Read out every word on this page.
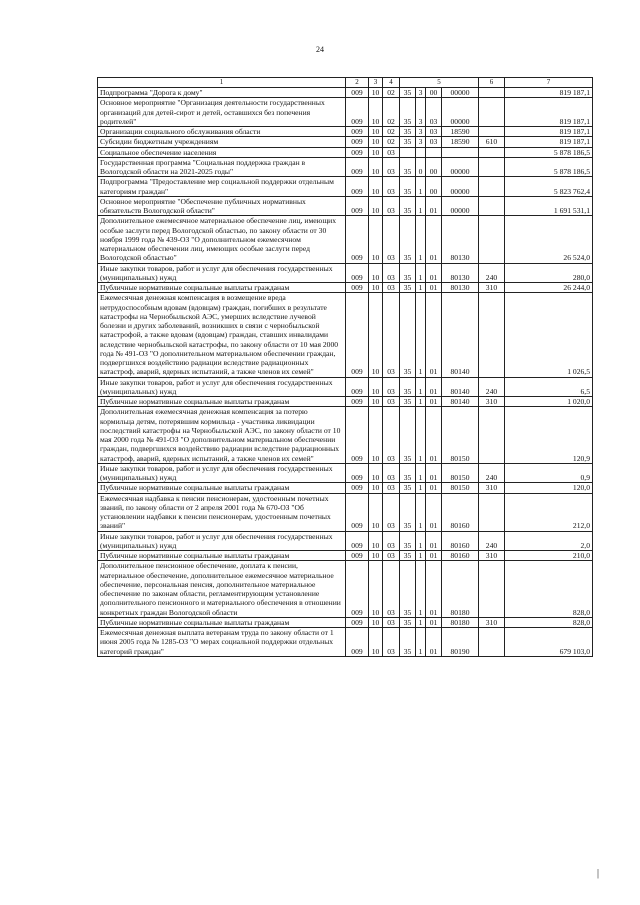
24
1	2	3	4	5				6	7
Подпрограмма "Дорога к дому"	009	10	02	35	3	00	00000		819 187,1
Основное мероприятие "Организация деятельности государственных организаций для детей-сирот и детей, оставшихся без попечения родителей"	009	10	02	35	3	03	00000		819 187,1
Организации социального обслуживания области	009	10	02	35	3	03	18590		819 187,1
Субсидии бюджетным учреждениям	009	10	02	35	3	03	18590	610	819 187,1
Социальное обеспечение населения	009	10	03						5 878 186,5
Государственная программа "Социальная поддержка граждан в Вологодской области на 2021-2025 годы"	009	10	03	35	0	00	00000		5 878 186,5
Подпрограмма "Предоставление мер социальной поддержки отдельным категориям граждан"	009	10	03	35	1	00	00000		5 823 762,4
Основное мероприятие "Обеспечение публичных нормативных обязательств Вологодской области"	009	10	03	35	1	01	00000		1 691 531,1
Дополнительное ежемесячное материальное обеспечение лиц, имеющих особые заслуги перед Вологодской областью, по закону области от 30 ноября 1999 года № 439-ОЗ "О дополнительном ежемесячном материальном обеспечении лиц, имеющих особые заслуги перед Вологодской областью"	009	10	03	35	1	01	80130		26 524,0
Иные закупки товаров, работ и услуг для обеспечения государственных (муниципальных) нужд	009	10	03	35	1	01	80130	240	280,0
Публичные нормативные социальные выплаты гражданам	009	10	03	35	1	01	80130	310	26 244,0
Ежемесячная денежная компенсация в возмещение вреда нетрудоспособным вдовам (вдовцам) граждан, погибших в результате катастрофы на Чернобыльской АЭС, умерших вследствие лучевой болезни и других заболеваний, возникших в связи с чернобыльской катастрофой, а также вдовам (вдовцам) граждан, ставших инвалидами вследствие чернобыльской катастрофы, по закону области от 10 мая 2000 года № 491-ОЗ "О дополнительном материальном обеспечении граждан, подвергшихся воздействию радиации вследствие радиационных катастроф, аварий, ядерных испытаний, а также членов их семей"	009	10	03	35	1	01	80140		1 026,5
Иные закупки товаров, работ и услуг для обеспечения государственных (муниципальных) нужд	009	10	03	35	1	01	80140	240	6,5
Публичные нормативные социальные выплаты гражданам	009	10	03	35	1	01	80140	310	1 020,0
Дополнительная ежемесячная денежная компенсация за потерю кормильца детям, потерявшим кормильца - участника ликвидации последствий катастрофы на Чернобыльской АЭС, по закону области от 10 мая 2000 года № 491-ОЗ "О дополнительном материальном обеспечении граждан, подвергшихся воздействию радиации вследствие радиационных катастроф, аварий, ядерных испытаний, а также членов их семей"	009	10	03	35	1	01	80150		120,9
Иные закупки товаров, работ и услуг для обеспечения государственных (муниципальных) нужд	009	10	03	35	1	01	80150	240	0,9
Публичные нормативные социальные выплаты гражданам	009	10	03	35	1	01	80150	310	120,0
Ежемесячная надбавка к пенсии пенсионерам, удостоенным почетных званий, по закону области от 2 апреля 2001 года № 670-ОЗ "Об установлении надбавки к пенсии пенсионерам, удостоенным почетных званий"	009	10	03	35	1	01	80160		212,0
Иные закупки товаров, работ и услуг для обеспечения государственных (муниципальных) нужд	009	10	03	35	1	01	80160	240	2,0
Публичные нормативные социальные выплаты гражданам	009	10	03	35	1	01	80160	310	210,0
Дополнительное пенсионное обеспечение, доплата к пенсии, материальное обеспечение, дополнительное ежемесячное материальное обеспечение, персональная пенсия, дополнительное материальное обеспечение по законам области, регламентирующим установление дополнительного пенсионного и материального обеспечения в отношении конкретных граждан Вологодской области	009	10	03	35	1	01	80180		828,0
Публичные нормативные социальные выплаты гражданам	009	10	03	35	1	01	80180	310	828,0
Ежемесячная денежная выплата ветеранам труда по закону области от 1 июня 2005 года № 1285-ОЗ "О мерах социальной поддержки отдельных категорий граждан"	009	10	03	35	1	01	80190		679 103,0
|
